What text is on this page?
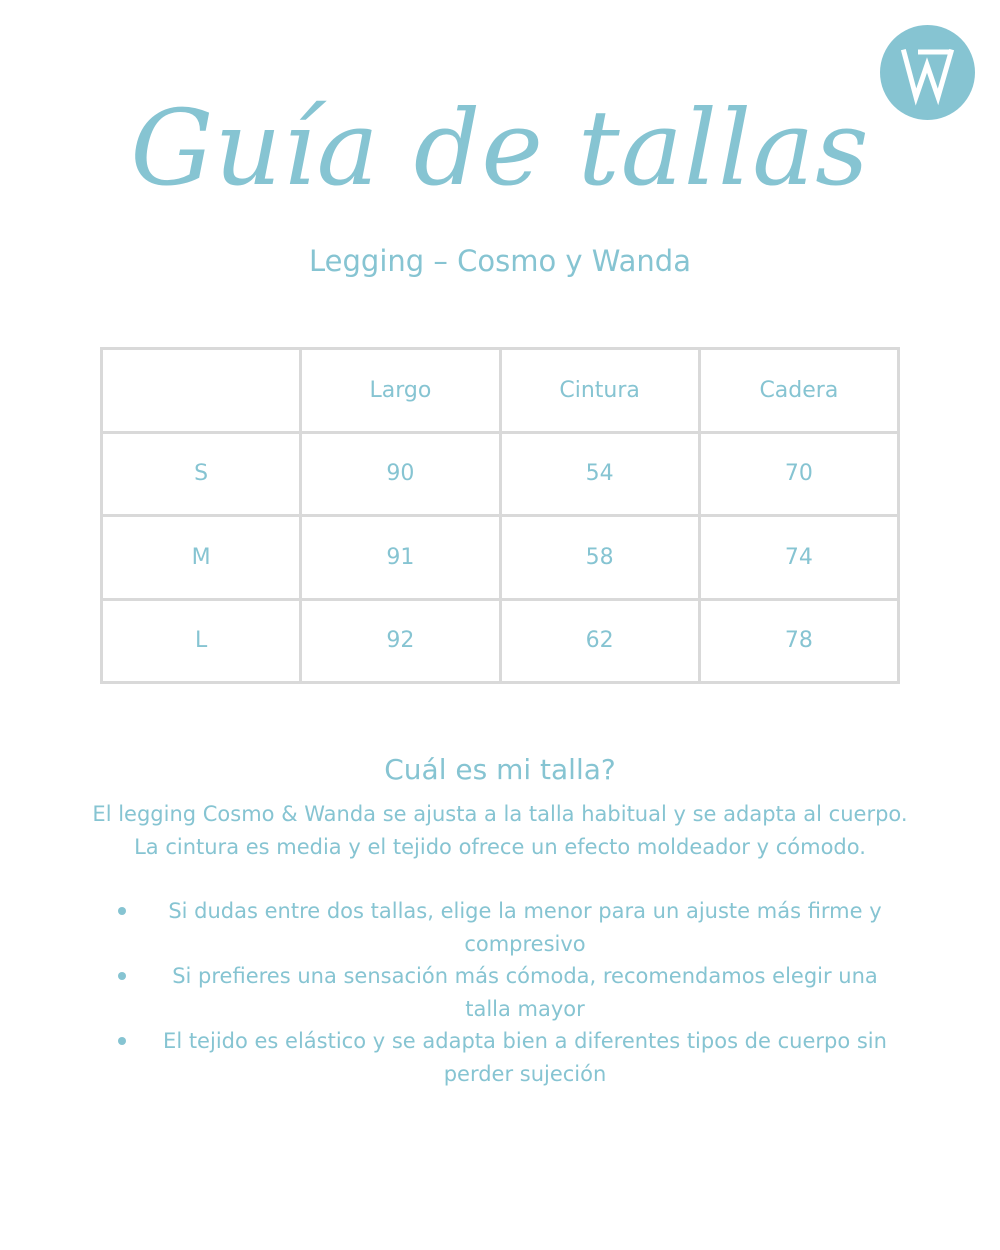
Guía de tallas
Legging – Cosmo y Wanda
	Largo	Cintura	Cadera
S	90	54	70
M	91	58	74
L	92	62	78
Cuál es mi talla?

El legging Cosmo & Wanda se ajusta a la talla habitual y se adapta al cuerpo.

La cintura es media y el tejido ofrece un efecto moldeador y cómodo.

Si dudas entre dos tallas, elige la menor para un ajuste más firme y compresivo
Si prefieres una sensación más cómoda, recomendamos elegir una talla mayor
El tejido es elástico y se adapta bien a diferentes tipos de cuerpo sin perder sujeción
